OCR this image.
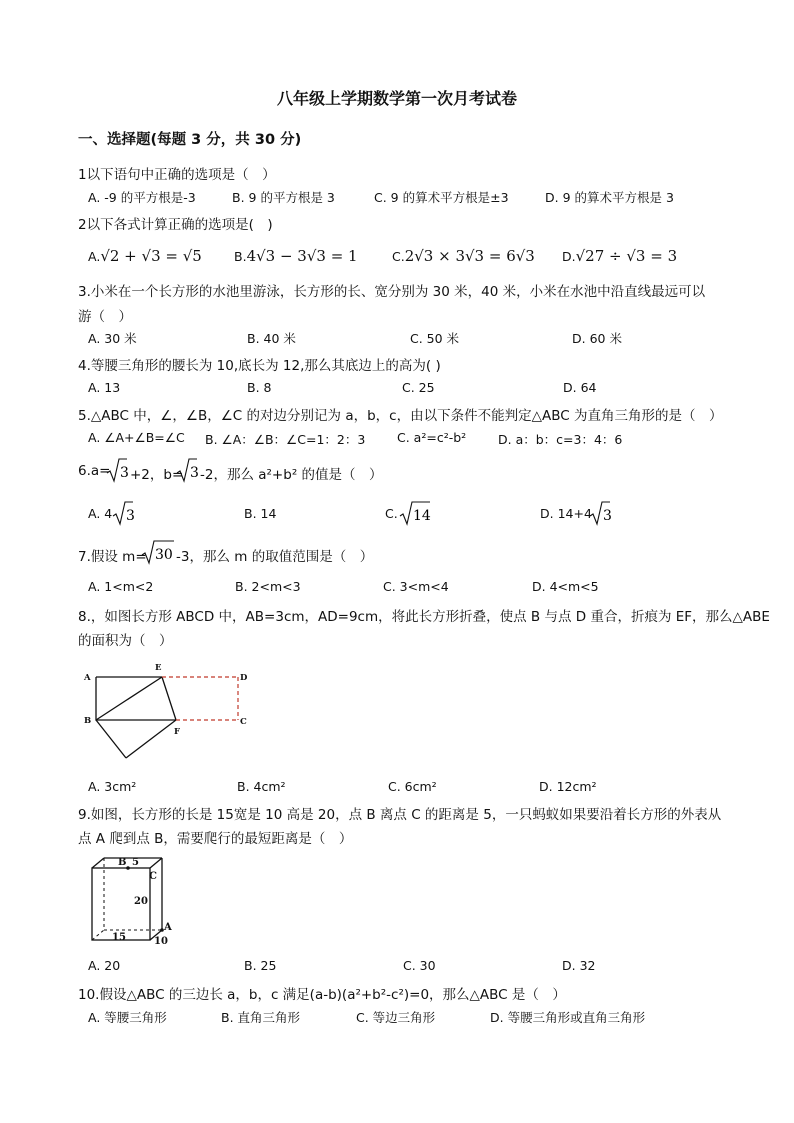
八年级上学期数学第一次月考试卷
一、选择题(每题 3 分，共 30 分)
1以下语句中正确的选项是（　）
A. -9 的平方根是-3	B. 9 的平方根是 3	C. 9 的算术平方根是±3	D. 9 的算术平方根是 3
2以下各式计算正确的选项是(　)
A.√2 + √3 = √5	B.4√3 − 3√3 = 1	C.2√3 × 3√3 = 6√3 D.√27 ÷ √3 = 3
3.小米在一个长方形的水池里游泳，长方形的长、宽分别为 30 米，40 米，小米在水池中沿直线最远可以
游（　）
A. 30 米	B. 40 米	C. 50 米	D. 60 米
4.等腰三角形的腰长为 10,底长为 12,那么其底边上的高为( )
A. 13	B. 8	C. 25	D. 64
5.△ABC 中，∠，∠B，∠C 的对边分别记为 a，b，c，由以下条件不能判定△ABC 为直角三角形的是（　）
A. ∠A+∠B=∠C B. ∠A：∠B：∠C=1：2：3	C. a²=c²-b²	D. a：b：c=3：4：6
6.a= 3 +2，b= 3 -2，那么 a²+b² 的值是（　）
A. 4 3	B. 14	C. 14	D. 14+4 3
7.假设 m= 30 -3，那么 m 的取值范围是（　）
A. 1<m<2	B. 2<m<3	C. 3<m<4	D. 4<m<5
8.，如图长方形 ABCD 中，AB=3cm，AD=9cm，将此长方形折叠，使点 B 与点 D 重合，折痕为 EF，那么△ABE
的面积为（　）
A
B
E
D
C
F
A. 3cm²	B. 4cm²	C. 6cm²	D. 12cm²
9.如图，长方形的长是 15宽是 10 高是 20，点 B 离点 C 的距离是 5，一只蚂蚁如果要沿着长方形的外表从
点 A 爬到点 B，需要爬行的最短距离是（　）
B 5
C
20
A
15	10
A. 20	B. 25	C. 30	D. 32
10.假设△ABC 的三边长 a，b，c 满足(a-b)(a²+b²-c²)=0，那么△ABC 是（　）
A. 等腰三角形	B. 直角三角形	C. 等边三角形	D. 等腰三角形或直角三角形
